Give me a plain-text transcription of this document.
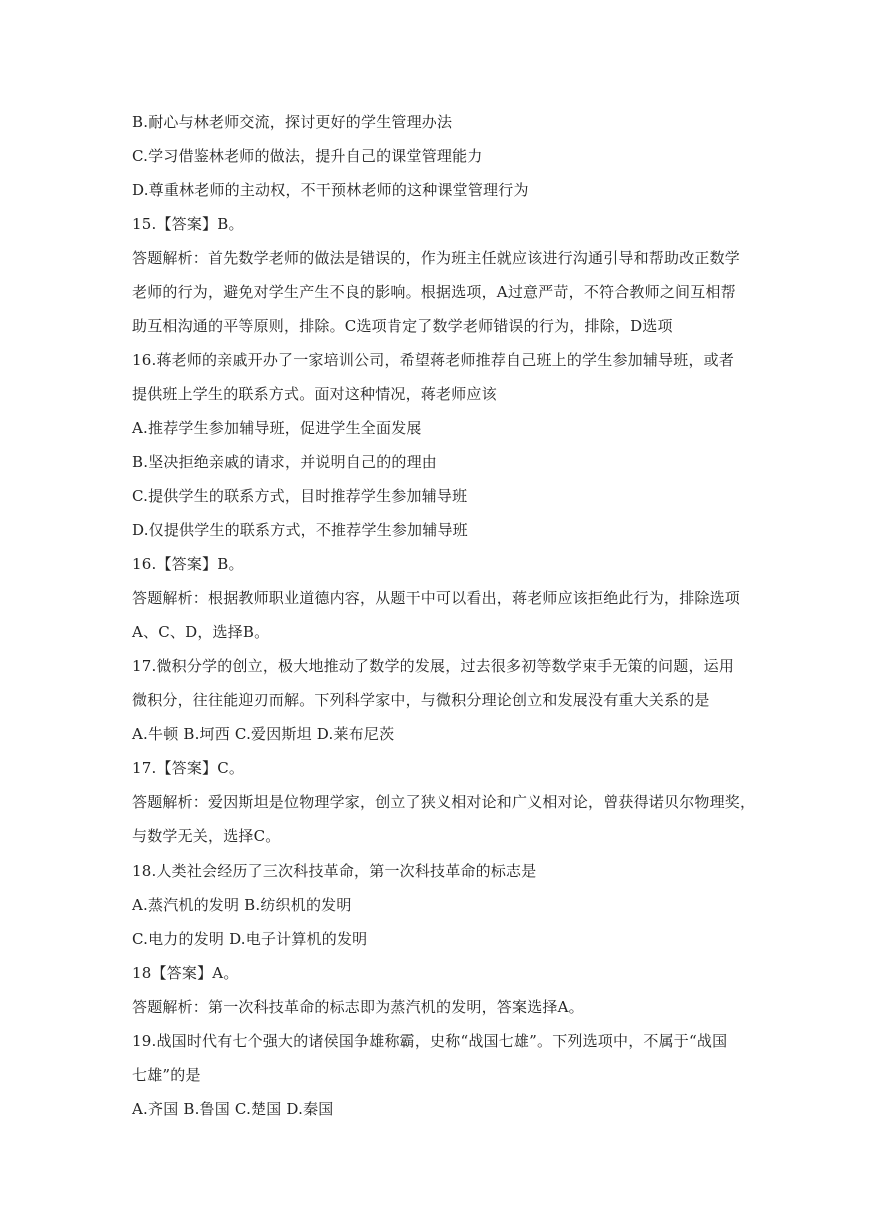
B.耐心与林老师交流，探讨更好的学生管理办法
C.学习借鉴林老师的做法，提升自己的课堂管理能力
D.尊重林老师的主动权，不干预林老师的这种课堂管理行为
15.【答案】B。
答题解析：首先数学老师的做法是错误的，作为班主任就应该进行沟通引导和帮助改正数学
老师的行为，避免对学生产生不良的影响。根据选项，A过意严苛，不符合教师之间互相帮
助互相沟通的平等原则，排除。C选项肯定了数学老师错误的行为，排除，D选项
16.蒋老师的亲戚开办了一家培训公司，希望蒋老师推荐自己班上的学生参加辅导班，或者
提供班上学生的联系方式。面对这种情况，蒋老师应该
A.推荐学生参加辅导班，促进学生全面发展
B.坚决拒绝亲戚的请求，并说明自己的的理由
C.提供学生的联系方式，目时推荐学生参加辅导班
D.仅提供学生的联系方式，不推荐学生参加辅导班
16.【答案】B。
答题解析：根据教师职业道德内容，从题干中可以看出，蒋老师应该拒绝此行为，排除选项
A、C、D，选择B。
17.微积分学的创立，极大地推动了数学的发展，过去很多初等数学束手无策的问题，运用
微积分，往往能迎刃而解。下列科学家中，与微积分理论创立和发展没有重大关系的是
A.牛顿 B.坷西 C.爱因斯坦 D.莱布尼茨
17.【答案】C。
答题解析：爱因斯坦是位物理学家，创立了狭义相对论和广义相对论，曾获得诺贝尔物理奖，
与数学无关，选择C。
18.人类社会经历了三次科技革命，第一次科技革命的标志是
A.蒸汽机的发明 B.纺织机的发明
C.电力的发明 D.电子计算机的发明
18【答案】A。
答题解析：第一次科技革命的标志即为蒸汽机的发明，答案选择A。
19.战国时代有七个强大的诸侯国争雄称霸，史称“战国七雄”。下列选项中，不属于“战国
七雄”的是
A.齐国 B.鲁国 C.楚国 D.秦国
